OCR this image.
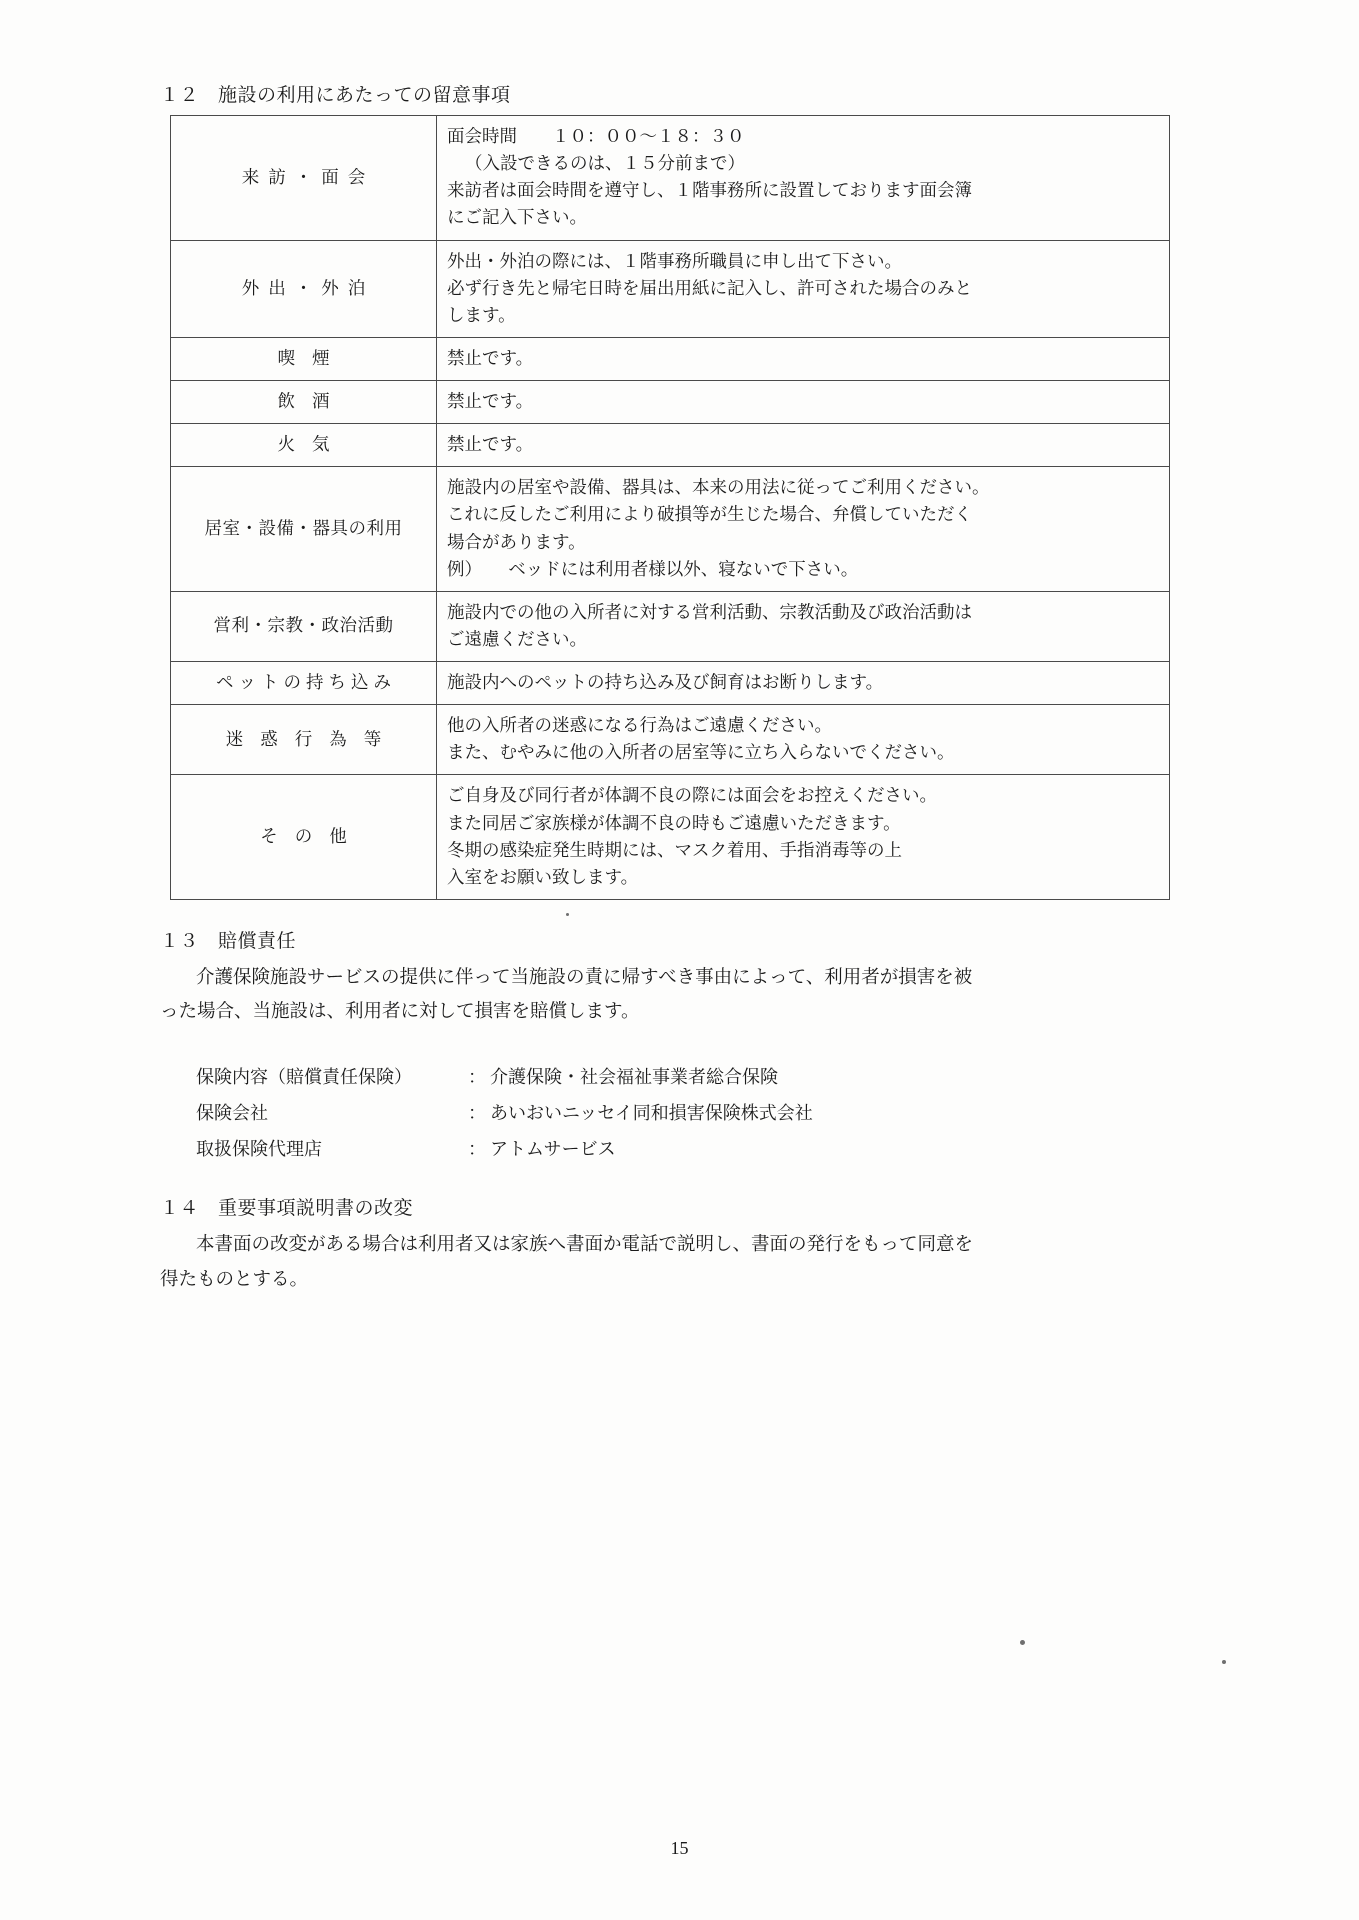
１２ 施設の利用にあたっての留意事項
来訪・面会	面会時間　　１０：００～１８：３０
（入設できるのは、１５分前まで）
来訪者は面会時間を遵守し、１階事務所に設置しております面会簿
にご記入下さい。

外出・外泊	外出・外泊の際には、１階事務所職員に申し出て下さい。
必ず行き先と帰宅日時を届出用紙に記入し、許可された場合のみと
します。

喫煙	禁止です。

飲酒	禁止です。

火気	禁止です。

居室・設備・器具の利用	施設内の居室や設備、器具は、本来の用法に従ってご利用ください。
これに反したご利用により破損等が生じた場合、弁償していただく
場合があります。
例）　　ベッドには利用者様以外、寝ないで下さい。

営利・宗教・政治活動	施設内での他の入所者に対する営利活動、宗教活動及び政治活動は
ご遠慮ください。

ペットの持ち込み	施設内へのペットの持ち込み及び飼育はお断りします。

迷惑行為等	他の入所者の迷惑になる行為はご遠慮ください。
また、むやみに他の入所者の居室等に立ち入らないでください。

その他	ご自身及び同行者が体調不良の際には面会をお控えください。
また同居ご家族様が体調不良の時もご遠慮いただきます。
冬期の感染症発生時期には、マスク着用、手指消毒等の上
入室をお願い致します。
１３ 賠償責任
介護保険施設サービスの提供に伴って当施設の責に帰すべき事由によって、利用者が損害を被
った場合、当施設は、利用者に対して損害を賠償します。
保険内容（賠償責任保険）	： 介護保険・社会福祉事業者総合保険
保険会社	： あいおいニッセイ同和損害保険株式会社
取扱保険代理店	： アトムサービス
１４ 重要事項説明書の改変
本書面の改変がある場合は利用者又は家族へ書面か電話で説明し、書面の発行をもって同意を
得たものとする。
15
